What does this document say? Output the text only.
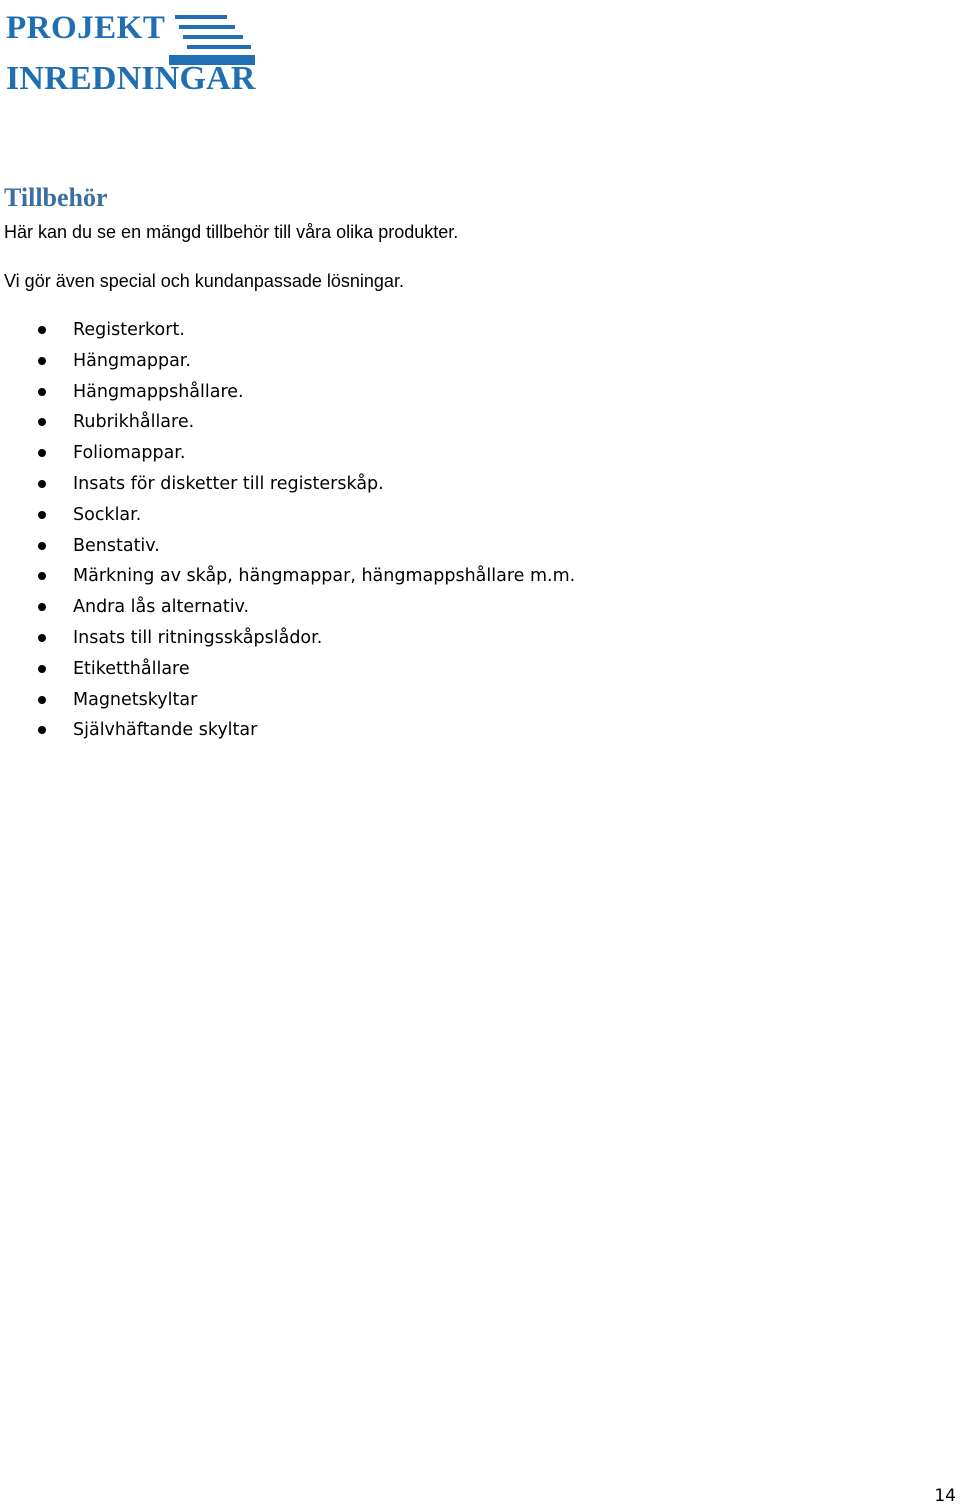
PROJEKT
INREDNINGAR
Tillbehör

Här kan du se en mängd tillbehör till våra olika produkter.

Vi gör även special och kundanpassade lösningar.

Registerkort.
Hängmappar.
Hängmappshållare.
Rubrikhållare.
Foliomappar.
Insats för disketter till registerskåp.
Socklar.
Benstativ.
Märkning av skåp, hängmappar, hängmappshållare m.m.
Andra lås alternativ.
Insats till ritningsskåpslådor.
Etiketthållare
Magnetskyltar
Självhäftande skyltar
14
